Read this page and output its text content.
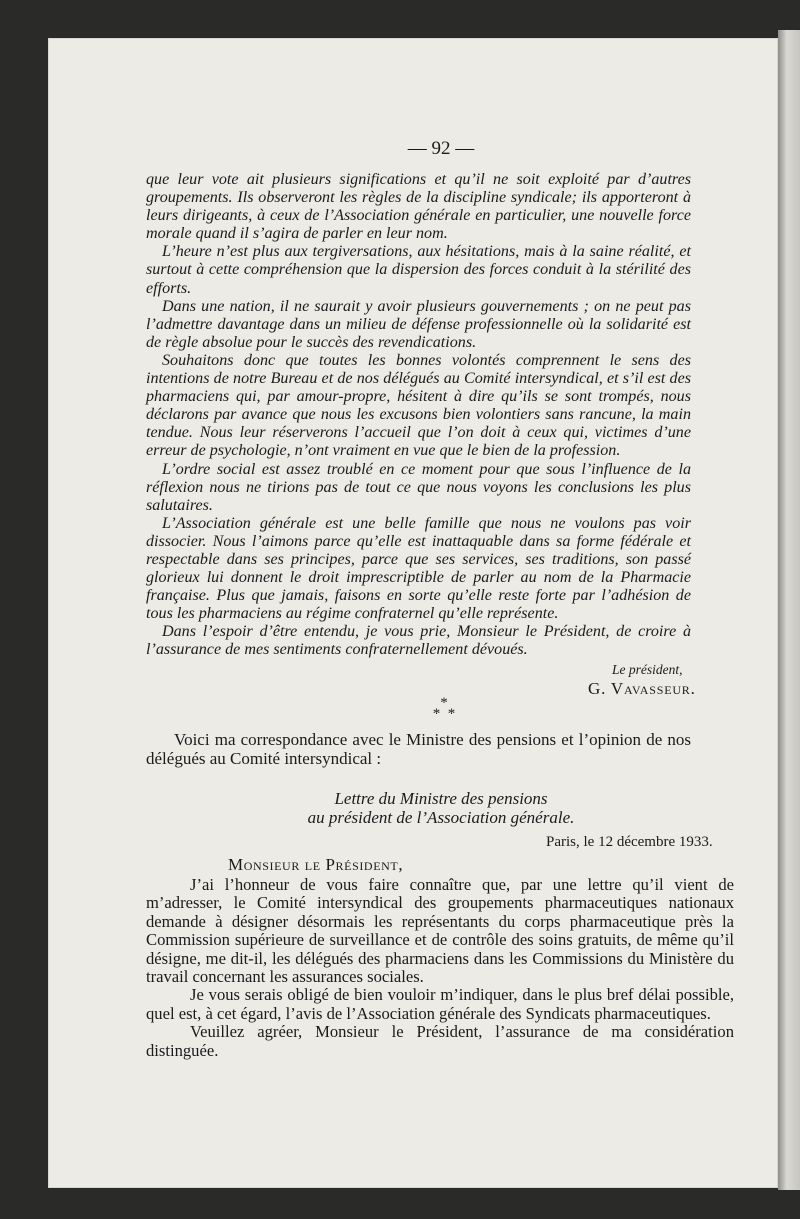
— 92 —

que leur vote ait plusieurs significations et qu’il ne soit exploité par d’autres groupements. Ils observeront les règles de la discipline syndicale; ils apporteront à leurs dirigeants, à ceux de l’Association générale en particulier, une nouvelle force morale quand il s’agira de parler en leur nom.

L’heure n’est plus aux tergiversations, aux hésitations, mais à la saine réalité, et surtout à cette compréhension que la dispersion des forces conduit à la stérilité des efforts.

Dans une nation, il ne saurait y avoir plusieurs gouvernements ; on ne peut pas l’admettre davantage dans un milieu de défense professionnelle où la solidarité est de règle absolue pour le succès des revendications.

Souhaitons donc que toutes les bonnes volontés comprennent le sens des intentions de notre Bureau et de nos délégués au Comité intersyndical, et s’il est des pharmaciens qui, par amour-propre, hésitent à dire qu’ils se sont trompés, nous déclarons par avance que nous les excusons bien volontiers sans rancune, la main tendue. Nous leur réserverons l’accueil que l’on doit à ceux qui, victimes d’une erreur de psychologie, n’ont vraiment en vue que le bien de la profession.

L’ordre social est assez troublé en ce moment pour que sous l’influence de la réflexion nous ne tirions pas de tout ce que nous voyons les conclusions les plus salutaires.

L’Association générale est une belle famille que nous ne voulons pas voir dissocier. Nous l’aimons parce qu’elle est inattaquable dans sa forme fédérale et respectable dans ses principes, parce que ses services, ses traditions, son passé glorieux lui donnent le droit imprescriptible de parler au nom de la Pharmacie française. Plus que jamais, faisons en sorte qu’elle reste forte par l’adhésion de tous les pharmaciens au régime confraternel qu’elle représente.

Dans l’espoir d’être entendu, je vous prie, Monsieur le Président, de croire à l’assurance de mes sentiments confraternellement dévoués.

Le président,
G. Vavasseur.
*
* *

Voici ma correspondance avec le Ministre des pensions et l’opinion de nos délégués au Comité intersyndical :

Lettre du Ministre des pensions
au président de l’Association générale.
Paris, le 12 décembre 1933.
Monsieur le Président,

J’ai l’honneur de vous faire connaître que, par une lettre qu’il vient de m’adresser, le Comité intersyndical des groupements pharmaceutiques nationaux demande à désigner désormais les représentants du corps pharmaceutique près la Commission supérieure de surveillance et de contrôle des soins gratuits, de même qu’il désigne, me dit-il, les délégués des pharmaciens dans les Commissions du Ministère du travail concernant les assurances sociales.

Je vous serais obligé de bien vouloir m’indiquer, dans le plus bref délai possible, quel est, à cet égard, l’avis de l’Association générale des Syndicats pharmaceutiques.

Veuillez agréer, Monsieur le Président, l’assurance de ma considération distinguée.
